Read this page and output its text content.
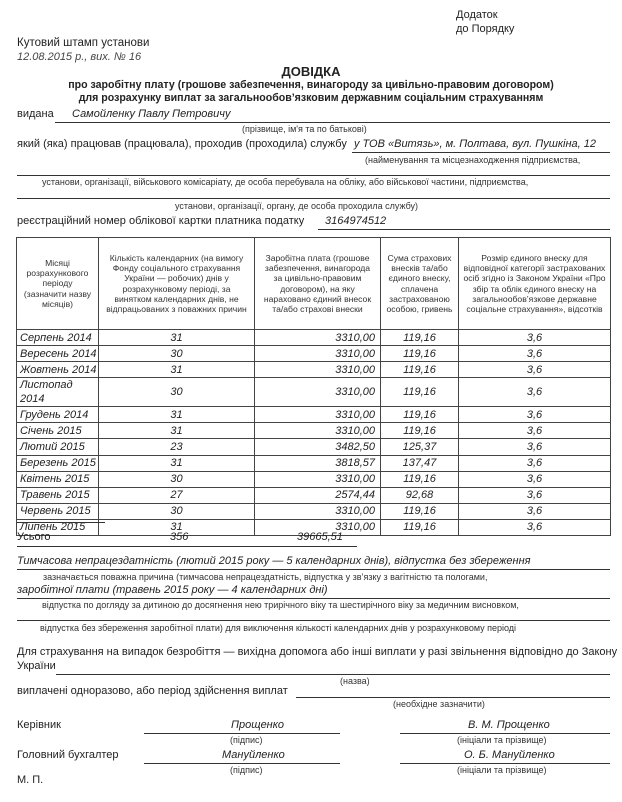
Додаток
до Порядку
Кутовий штамп установи
12.08.2015 р., вих. № 16
ДОВІДКА
про заробітну плату (грошове забезпечення, винагороду за цивільно-правовим договором)
для розрахунку виплат за загальнообов’язковим державним соціальним страхуванням
видана Самойленку Павлу Петровичу
(прізвище, ім'я та по батькові)
який (яка) працював (працювала), проходив (проходила) службу у ТОВ «Витязь», м. Полтава, вул. Пушкіна, 12
(найменування та місцезнаходження підприємства,
установи, організації, військового комісаріату, де особа перебувала на обліку, або військової частини, підприємства,
установи, організації, органу, де особа проходила службу)
реєстраційний номер облікової картки платника податку 3164974512
Місяці розрахункового періоду (зазначити назву місяців)	Кількість календарних (на вимогу Фонду соціального страхування України — робочих) днів у розрахунковому періоді, за винятком календарних днів, не відпрацьованих з поважних причин	Заробітна плата (грошове забезпечення, винагорода за цивільно-правовим договором), на яку нараховано єдиний внесок та/або страхові внески	Сума страхових внесків та/або єдиного внеску, сплачена застрахованою особою, гривень	Розмір єдиного внеску для відповідної категорії застрахованих осіб згідно із Законом України «Про збір та облік єдиного внеску на загальнообов’язкове державне соціальне страхування», відсотків
Серпень 2014	31	3310,00	119,16	3,6
Вересень 2014	30	3310,00	119,16	3,6
Жовтень 2014	31	3310,00	119,16	3,6
Листопад 2014	30	3310,00	119,16	3,6
Грудень 2014	31	3310,00	119,16	3,6
Січень 2015	31	3310,00	119,16	3,6
Лютий 2015	23	3482,50	125,37	3,6
Березень 2015	31	3818,57	137,47	3,6
Квітень 2015	30	3310,00	119,16	3,6
Травень 2015	27	2574,44	92,68	3,6
Червень 2015	30	3310,00	119,16	3,6
Липень 2015	31	3310,00	119,16	3,6
Усього	356	39665,51
Тимчасова непрацездатність (лютий 2015 року — 5 календарних днів), відпустка без збереження
зазначається поважна причина (тимчасова непрацездатність, відпустка у зв’язку з вагітністю та пологами,
заробітної плати (травень 2015 року — 4 календарних дні)
відпустка по догляду за дитиною до досягнення нею трирічного віку та шестирічного віку за медичним висновком,
відпустка без збереження заробітної плати) для виключення кількості календарних днів у розрахунковому періоді
Для страхування на випадок безробіття — вихідна допомога або інші виплати у разі звільнення відповідно до Закону
України
(назва)
виплачені одноразово, або період здійснення виплат
(необхідне зазначити)
Керівник	Прощенко
(підпис)
В. М. Прощенко
(ініціали та прізвище)
Головний бухгалтер	Мануйленко
(підпис)
О. Б. Мануйленко
(ініціали та прізвище)
М. П.
